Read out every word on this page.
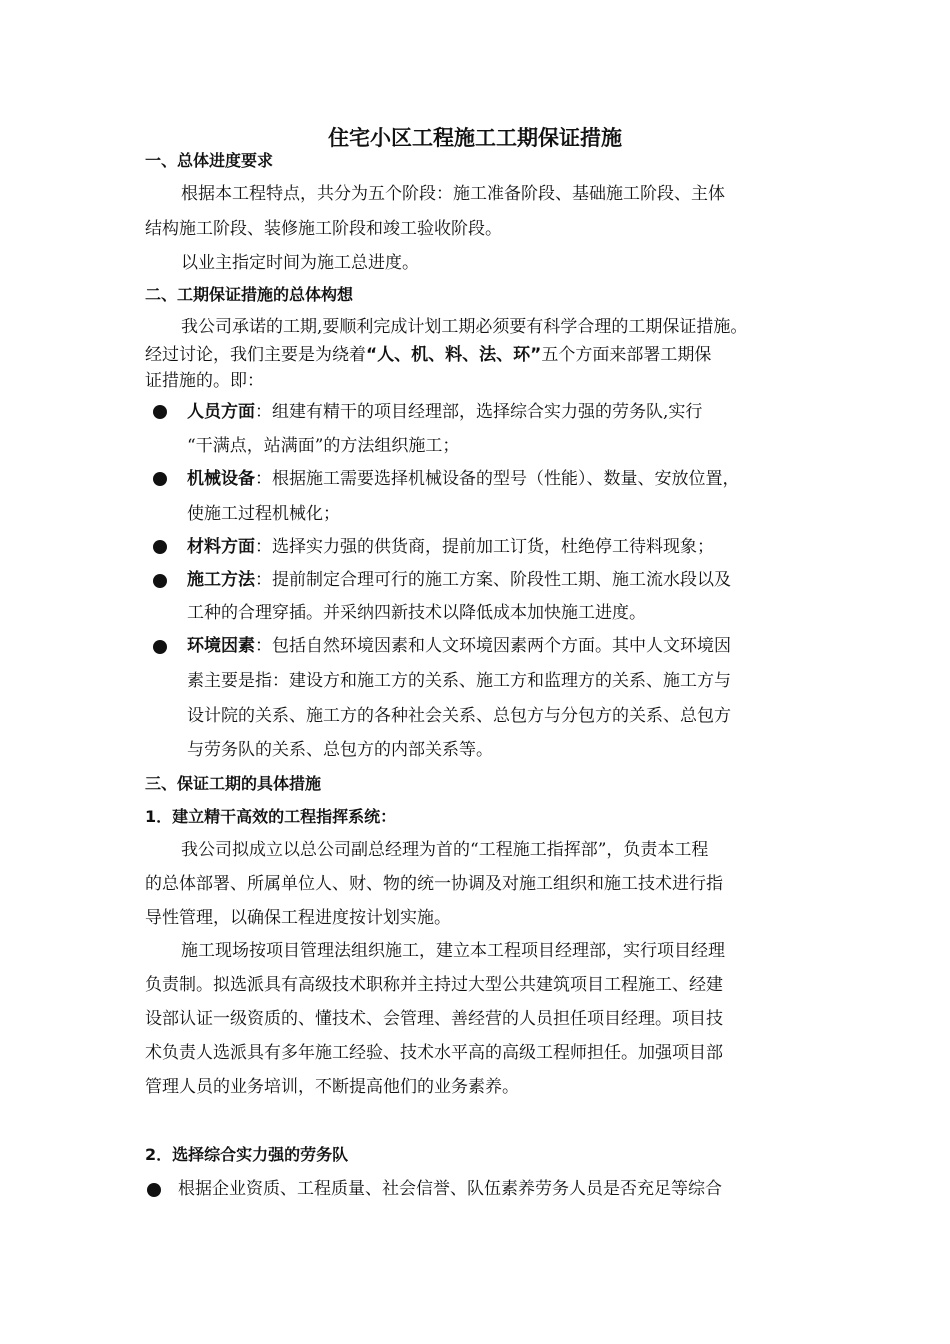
住宅小区工程施工工期保证措施
一、总体进度要求
根据本工程特点，共分为五个阶段：施工准备阶段、基础施工阶段、主体
结构施工阶段、装修施工阶段和竣工验收阶段。
以业主指定时间为施工总进度。
二、工期保证措施的总体构想
我公司承诺的工期,要顺利完成计划工期必须要有科学合理的工期保证措施。
经过讨论，我们主要是为绕着“人、机、料、法、环”五个方面来部署工期保
证措施的。即：
人员方面：组建有精干的项目经理部，选择综合实力强的劳务队,实行
“干满点，站满面”的方法组织施工；
机械设备：根据施工需要选择机械设备的型号（性能）、数量、安放位置，
使施工过程机械化；
材料方面：选择实力强的供货商，提前加工订货，杜绝停工待料现象；
施工方法：提前制定合理可行的施工方案、阶段性工期、施工流水段以及
工种的合理穿插。并采纳四新技术以降低成本加快施工进度。
环境因素：包括自然环境因素和人文环境因素两个方面。其中人文环境因
素主要是指：建设方和施工方的关系、施工方和监理方的关系、施工方与
设计院的关系、施工方的各种社会关系、总包方与分包方的关系、总包方
与劳务队的关系、总包方的内部关系等。
三、保证工期的具体措施
1．建立精干高效的工程指挥系统：
我公司拟成立以总公司副总经理为首的“工程施工指挥部”，负责本工程
的总体部署、所属单位人、财、物的统一协调及对施工组织和施工技术进行指
导性管理，以确保工程进度按计划实施。
施工现场按项目管理法组织施工，建立本工程项目经理部，实行项目经理
负责制。拟选派具有高级技术职称并主持过大型公共建筑项目工程施工、经建
设部认证一级资质的、懂技术、会管理、善经营的人员担任项目经理。项目技
术负责人选派具有多年施工经验、技术水平高的高级工程师担任。加强项目部
管理人员的业务培训，不断提高他们的业务素养。
2．选择综合实力强的劳务队
根据企业资质、工程质量、社会信誉、队伍素养劳务人员是否充足等综合
